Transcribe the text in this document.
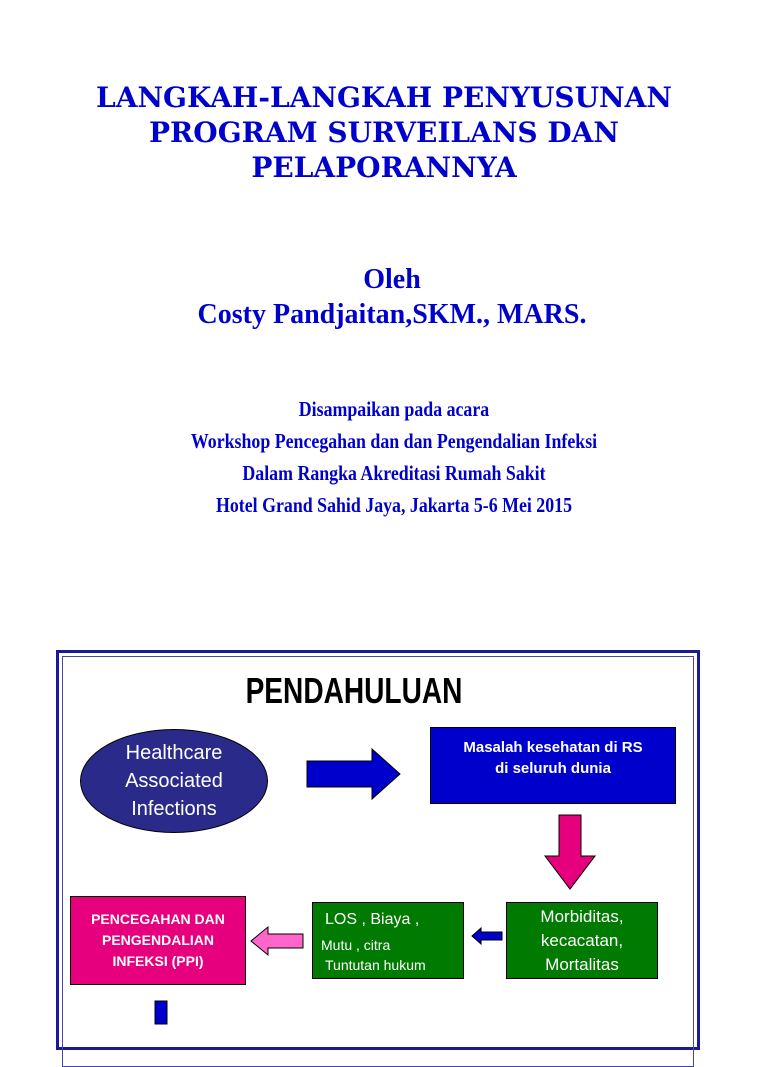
LANGKAH-LANGKAH PENYUSUNAN
PROGRAM SURVEILANS DAN
PELAPORANNYA
Oleh
Costy Pandjaitan,SKM., MARS.
Disampaikan pada acara
Workshop Pencegahan dan dan Pengendalian Infeksi
Dalam Rangka Akreditasi Rumah Sakit
Hotel Grand Sahid Jaya, Jakarta 5-6 Mei 2015
PENDAHULUAN
Healthcare
Associated
Infections
Masalah kesehatan di RS
di seluruh dunia
Morbiditas,
kecacatan,
Mortalitas
LOS , Biaya ,
Mutu , citra
Tuntutan hukum
PENCEGAHAN DAN
PENGENDALIAN
INFEKSI (PPI)
